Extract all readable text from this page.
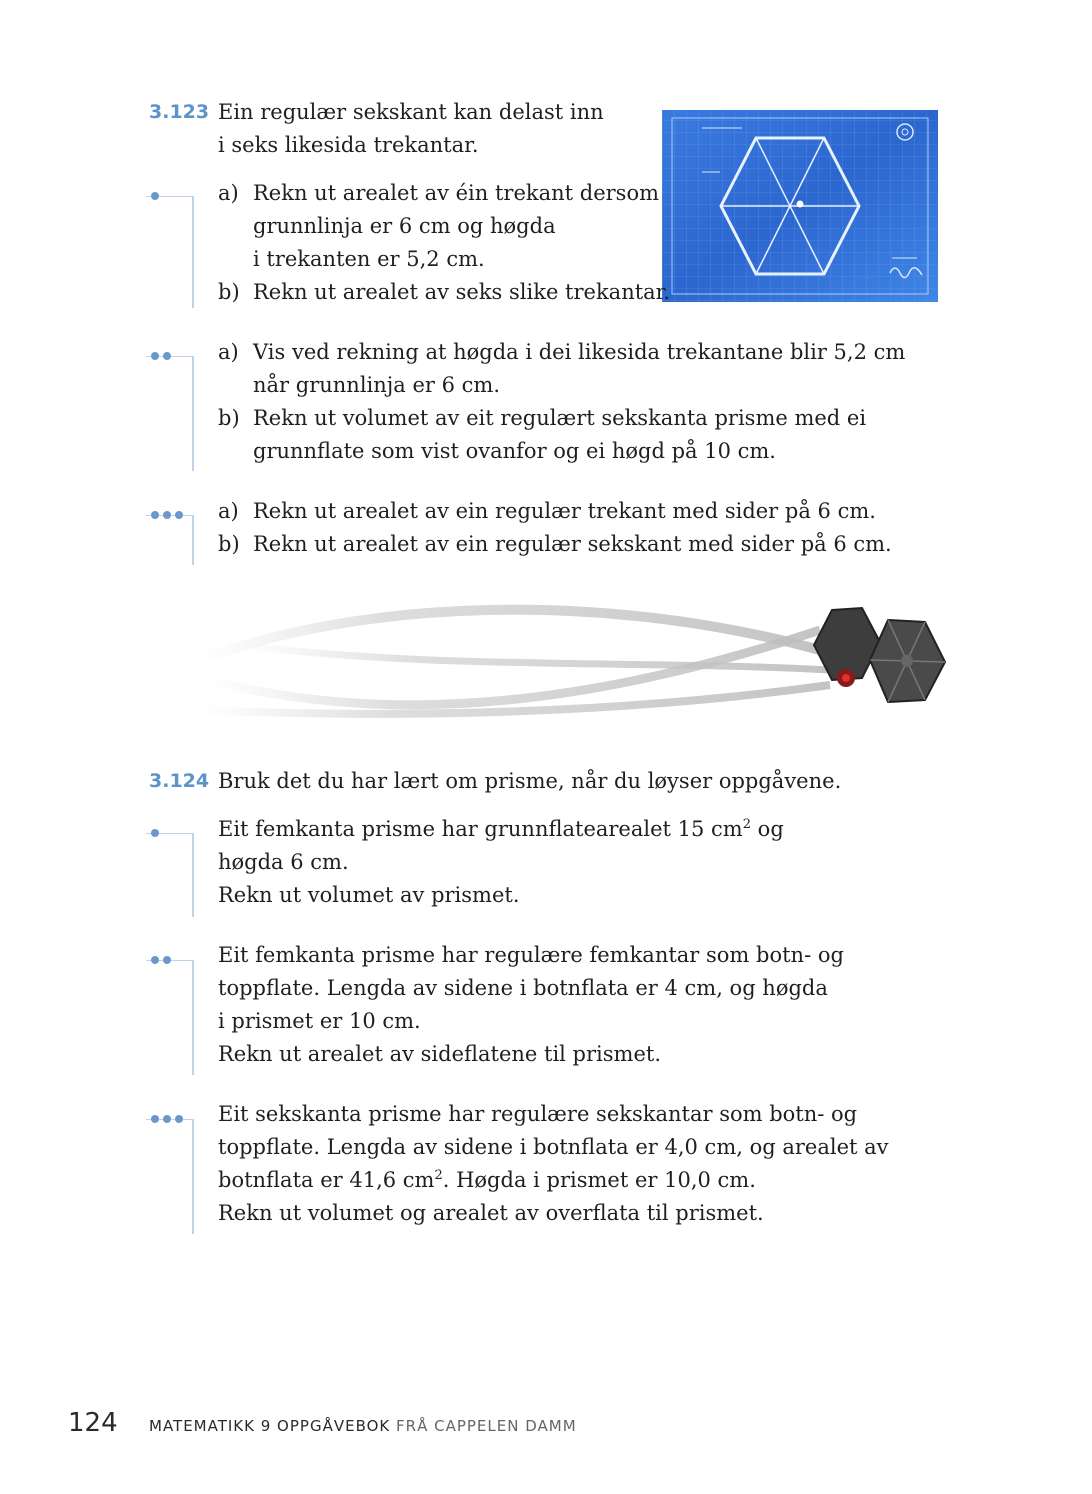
3.123 Ein regulær sekskant kan delast inn
i seks likesida trekantar.
a) Rekn ut arealet av éin trekant dersom
grunnlinja er 6 cm og høgda
i trekanten er 5,2 cm.
b) Rekn ut arealet av seks slike trekantar.
a) Vis ved rekning at høgda i dei likesida trekantane blir 5,2 cm
når grunnlinja er 6 cm.
b) Rekn ut volumet av eit regulært sekskanta prisme med ei
grunnflate som vist ovanfor og ei høgd på 10 cm.
a) Rekn ut arealet av ein regulær trekant med sider på 6 cm.
b) Rekn ut arealet av ein regulær sekskant med sider på 6 cm.
3.124 Bruk det du har lært om prisme, når du løyser oppgåvene.
Eit femkanta prisme har grunnflatearealet 15 $cm^2$ og
høgda 6 cm.
Rekn ut volumet av prismet.
Eit femkanta prisme har regulære femkantar som botn- og
toppflate. Lengda av sidene i botnflata er 4 cm, og høgda
i prismet er 10 cm.
Rekn ut arealet av sideflatene til prismet.
Eit sekskanta prisme har regulære sekskantar som botn- og
toppflate. Lengda av sidene i botnflata er 4,0 cm, og arealet av
botnflata er 41,6 $cm^2$. Høgda i prismet er 10,0 cm.
Rekn ut volumet og arealet av overflata til prismet.
124 MATEMATIKK 9 OPPGÅVEBOK FRÅ CAPPELEN DAMM
